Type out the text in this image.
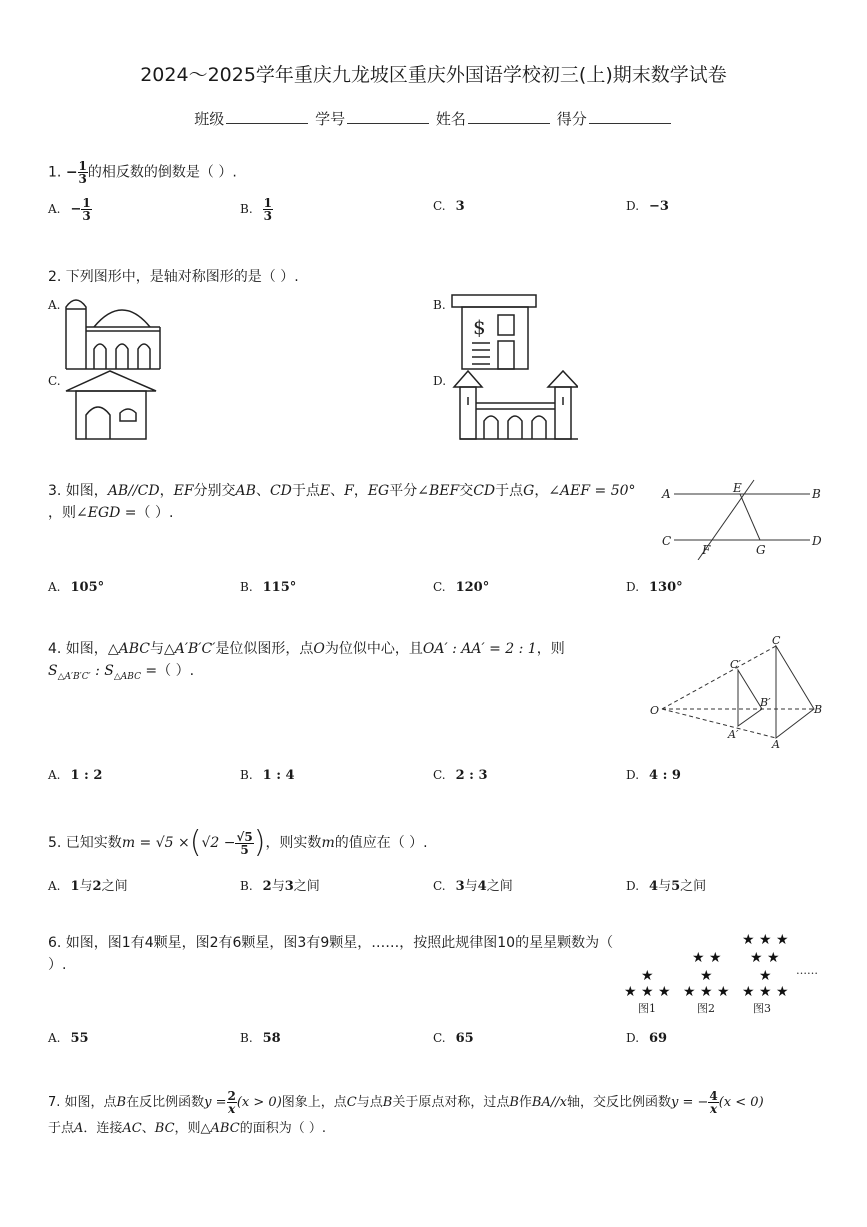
2024～2025学年重庆九龙坡区重庆外国语学校初三(上)期末数学试卷
班级	学号	姓名	得分
1. − $\frac{1}{3}$ 的相反数的倒数是（ ）.
A. − $\frac{1}{3}$	B. $\frac{1}{3}$	C. 3	D. −3
2. 下列图形中，是轴对称图形的是（ ）.
A.	B.
C.	D.
$
3. 如图，AB//CD，EF分别交AB、CD于点E、F，EG平分∠BEF交CD于点G，∠AEF = 50°
，则∠EGD =（ ）.
A	B
C	D
E
F	G
A. 105°	B. 115°	C. 120°	D. 130°
4. 如图，△ABC与△A′B′C′是位似图形，点O为位似中心，且OA′ : AA′ = 2 : 1，则
$S_{\triangle A'B'C'}$ : $S_{\triangle ABC}$ =（ ）.
O
A′
B′
C′
A
B
C
A. 1 : 2	B. 1 : 4	C. 2 : 3	D. 4 : 9
5. 已知实数$m = √5 \times(√2 - \frac{√5}{5}$ )，则实数m的值应在（ ）.
A. 1与2之间	B. 2与3之间	C. 3与4之间	D. 4与5之间
6. 如图，图1有4颗星，图2有6颗星，图3有9颗星，……，按照此规律图10的星星颗数为（
）.
★
★ ★ ★
★ ★
★
★ ★ ★
★ ★ ★
★ ★
★
★ ★ ★
图1	图2	图3
……
A. 55	B. 58	C. 65	D. 69
7. 如图，点B在反比例函数$y = \frac{2}{x} (x > 0)$图象上，点C与点B关于原点对称，过点B作BA//x轴，交反比例函数y = − $\frac{4}{x} (x < 0)$
于点A．连接AC、BC，则△ABC的面积为（ ）.
